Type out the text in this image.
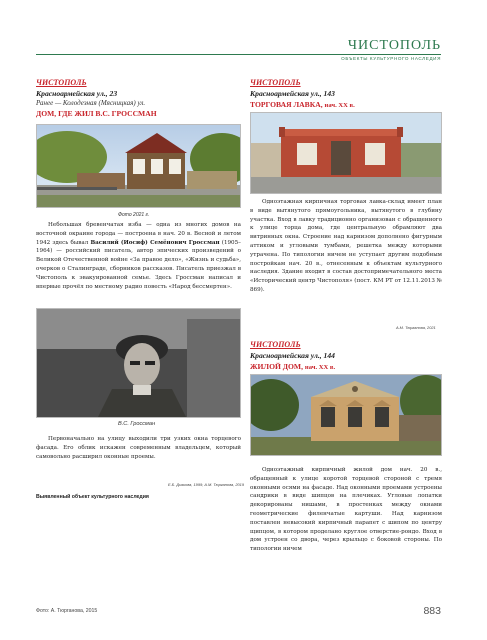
ЧИСТОПОЛЬ
ОБЪЕКТЫ КУЛЬТУРНОГО НАСЛЕДИЯ
ЧИСТОПОЛЬ
Красноармейская ул., 23
Ранее — Колодезная (Мясницкая) ул.
ДОМ, ГДЕ ЖИЛ В.С. ГРОССМАН
Фото 2021 г.

Небольшая бревенчатая изба — одна из многих домов на восточной окраине города — построена в нач. 20 в. Весной и летом 1942 здесь бывал Василий (Иосиф) Семёнович Гроссман (1905–1964) — российский писатель, автор эпических произведений о Великой Отечественной войне «За правое дело», «Жизнь и судьба», очерков о Сталинграде, сборников рассказов. Писатель приезжал в Чистополь к эвакуированной семье. Здесь Гроссман написал и впервые прочёл по местному радио повесть «Народ бессмертен».

В.С. Гроссман

Первоначально на улицу выходили три узких окна торцевого фасада. Его облик искажен современным владельцем, который самовольно расширил оконные проемы.

Е.Б. Дьякова, 1999; А.М. Тюрганова, 2019
Выявленный объект культурного наследия
ЧИСТОПОЛЬ
Красноармейская ул., 143
ТОРГОВАЯ ЛАВКА, нач. XX в.

Одноэтажная кирпичная торговая лавка-склад имеет план в виде вытянутого прямоугольника, вытянутого в глубину участка. Вход в лавку традиционно организован с обращенного к улице торца дома, где центральную обрамляют два витринных окна. Строение над карнизом дополнено фигурным аттиком и угловыми тумбами, решетка между которыми утрачена. По типологии ничем не уступает другим подобным постройкам нач. 20 в., отнесенным к объектам культурного наследия. Здание входит в состав достопримечательного места «Исторический центр Чистополя» (пост. КМ РТ от 12.11.2013 № 869).

А.М. Тюрганова, 2021
ЧИСТОПОЛЬ
Красноармейская ул., 144
ЖИЛОЙ ДОМ, нач. XX в.

Одноэтажный кирпичный жилой дом нач. 20 в., обращенный к улице коротой торцевой стороной с тремя оконными осями на фасаде. Над оконными проемами устроены сандрики в виде шипцов на плечиках. Угловые лопатки декорированы нишами, в простенках между окнами геометрические филенчатые картуши. Над карнизом поставлен невысокий кирпичный парапет с шипом по центру щипцом, в котором проделано круглое отверстие-рондо. Вход в дом устроен со двора, через крыльцо с боковой стороны. По типологии ничем

Фото: А. Тюрганова, 2015	883
